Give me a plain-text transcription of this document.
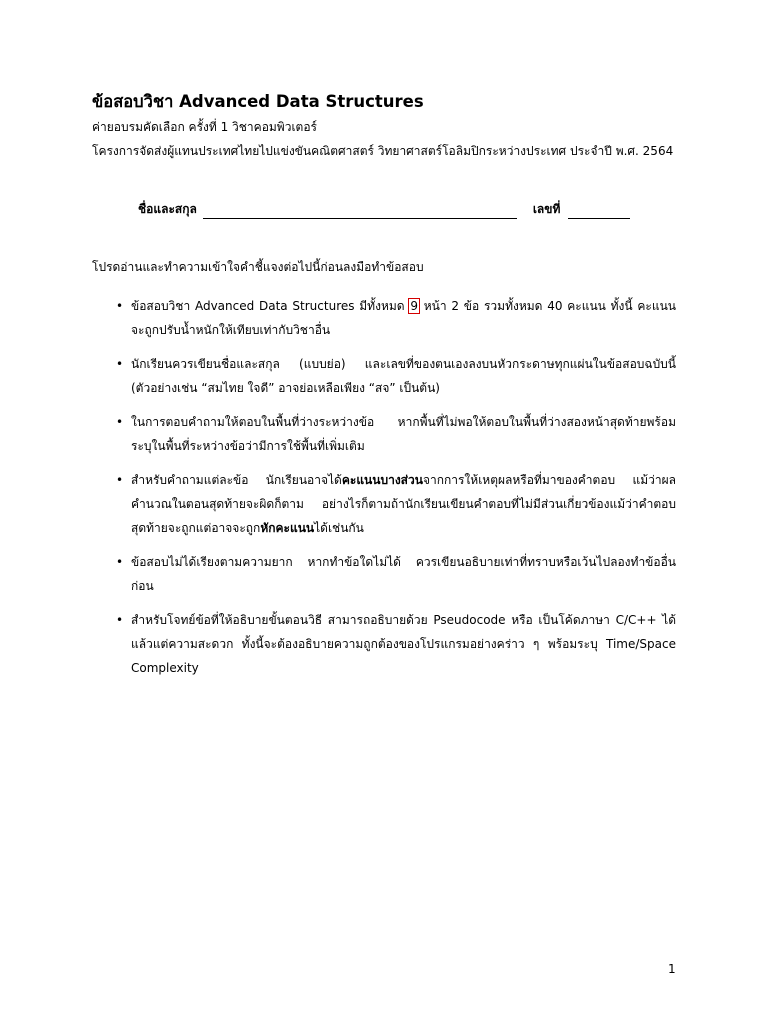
ข้อสอบวิชา Advanced Data Structures
ค่ายอบรมคัดเลือก ครั้งที่ 1 วิชาคอมพิวเตอร์
โครงการจัดส่งผู้แทนประเทศไทยไปแข่งขันคณิตศาสตร์ วิทยาศาสตร์โอลิมปิกระหว่างประเทศ ประจำปี พ.ศ. 2564
ชื่อและสกุล	เลขที่
โปรดอ่านและทำความเข้าใจคำชี้แจงต่อไปนี้ก่อนลงมือทำข้อสอบ
• ข้อสอบวิชา Advanced Data Structures มีทั้งหมด 9 หน้า 2 ข้อ รวมทั้งหมด 40 คะแนน ทั้งนี้ คะแนนจะถูกปรับน้ำหนักให้เทียบเท่ากับวิชาอื่น
• นักเรียนควรเขียนชื่อและสกุล (แบบย่อ) และเลขที่ของตนเองลงบนหัวกระดาษทุกแผ่นในข้อสอบฉบับนี้ (ตัวอย่างเช่น “สมไทย ใจดี” อาจย่อเหลือเพียง “สจ” เป็นต้น)
• ในการตอบคำถามให้ตอบในพื้นที่ว่างระหว่างข้อ หากพื้นที่ไม่พอให้ตอบในพื้นที่ว่างสองหน้าสุดท้ายพร้อมระบุในพื้นที่ระหว่างข้อว่ามีการใช้พื้นที่เพิ่มเติม
• สำหรับคำถามแต่ละข้อ นักเรียนอาจได้คะแนนบางส่วนจากการให้เหตุผลหรือที่มาของคำตอบ แม้ว่าผลคำนวณในตอนสุดท้ายจะผิดก็ตาม อย่างไรก็ตามถ้านักเรียนเขียนคำตอบที่ไม่มีส่วนเกี่ยวข้องแม้ว่าคำตอบสุดท้ายจะถูกแต่อาจจะถูกหักคะแนนได้เช่นกัน
• ข้อสอบไม่ได้เรียงตามความยาก หากทำข้อใดไม่ได้ ควรเขียนอธิบายเท่าที่ทราบหรือเว้นไปลองทำข้ออื่นก่อน
• สำหรับโจทย์ข้อที่ให้อธิบายขั้นตอนวิธี สามารถอธิบายด้วย Pseudocode หรือ เป็นโค้ดภาษา C/C++ ได้แล้วแต่ความสะดวก ทั้งนี้จะต้องอธิบายความถูกต้องของโปรแกรมอย่างคร่าว ๆ พร้อมระบุ Time/Space Complexity
1
